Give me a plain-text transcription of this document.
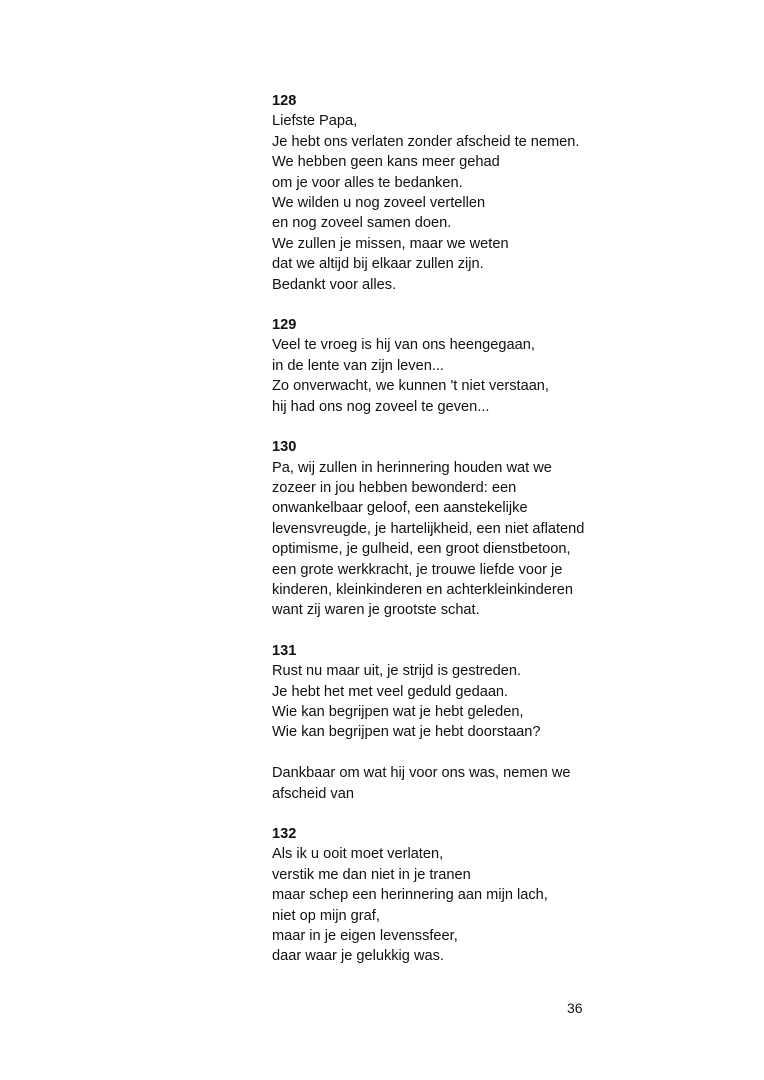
128
Liefste Papa,
Je hebt ons verlaten zonder afscheid te nemen.
We hebben geen kans meer gehad
om je voor alles te bedanken.
We wilden u nog zoveel vertellen
en nog zoveel samen doen.
We zullen je missen, maar we weten
dat we altijd bij elkaar zullen zijn.
Bedankt voor alles.
129
Veel te vroeg is hij van ons heengegaan,
in de lente van zijn leven...
Zo onverwacht, we kunnen 't niet verstaan,
hij had ons nog zoveel te geven...
130
Pa, wij zullen in herinnering houden wat we
zozeer in jou hebben bewonderd: een
onwankelbaar geloof, een aanstekelijke
levensvreugde, je hartelijkheid, een niet aflatend
optimisme, je gulheid, een groot dienstbetoon,
een grote werkkracht, je trouwe liefde voor je
kinderen, kleinkinderen en achterkleinkinderen
want zij waren je grootste schat.
131
Rust nu maar uit, je strijd is gestreden.
Je hebt het met veel geduld gedaan.
Wie kan begrijpen wat je hebt geleden,
Wie kan begrijpen wat je hebt doorstaan?
Dankbaar om wat hij voor ons was, nemen we
afscheid van
132
Als ik u ooit moet verlaten,
verstik me dan niet in je tranen
maar schep een herinnering aan mijn lach,
niet op mijn graf,
maar in je eigen levenssfeer,
daar waar je gelukkig was.
36
